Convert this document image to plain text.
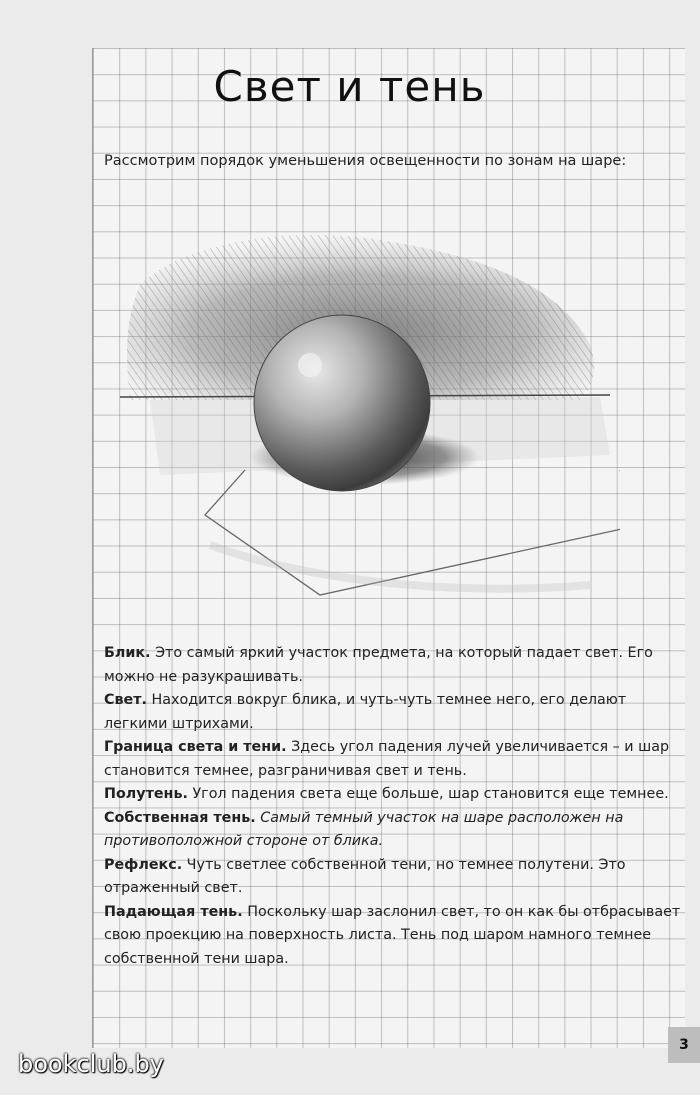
Свет и тень
Рассмотрим порядок уменьшения освещенности по зонам на шаре:

Блик. Это самый яркий участок предмета, на который падает свет. Его можно не разукрашивать.

Свет. Находится вокруг блика, и чуть-чуть темнее него, его делают легкими штрихами.

Граница света и тени. Здесь угол падения лучей увеличивается – и шар становится темнее, разграничивая свет и тень.

Полутень. Угол падения света еще больше, шар становится еще темнее.

Собственная тень. Самый темный участок на шаре расположен на противоположной стороне от блика.

Рефлекс. Чуть светлее собственной тени, но темнее полутени. Это отраженный свет.

Падающая тень. Поскольку шар заслонил свет, то он как бы отбрасывает свою проекцию на поверхность листа. Тень под шаром намного темнее собственной тени шара.

3
bookclub.by
